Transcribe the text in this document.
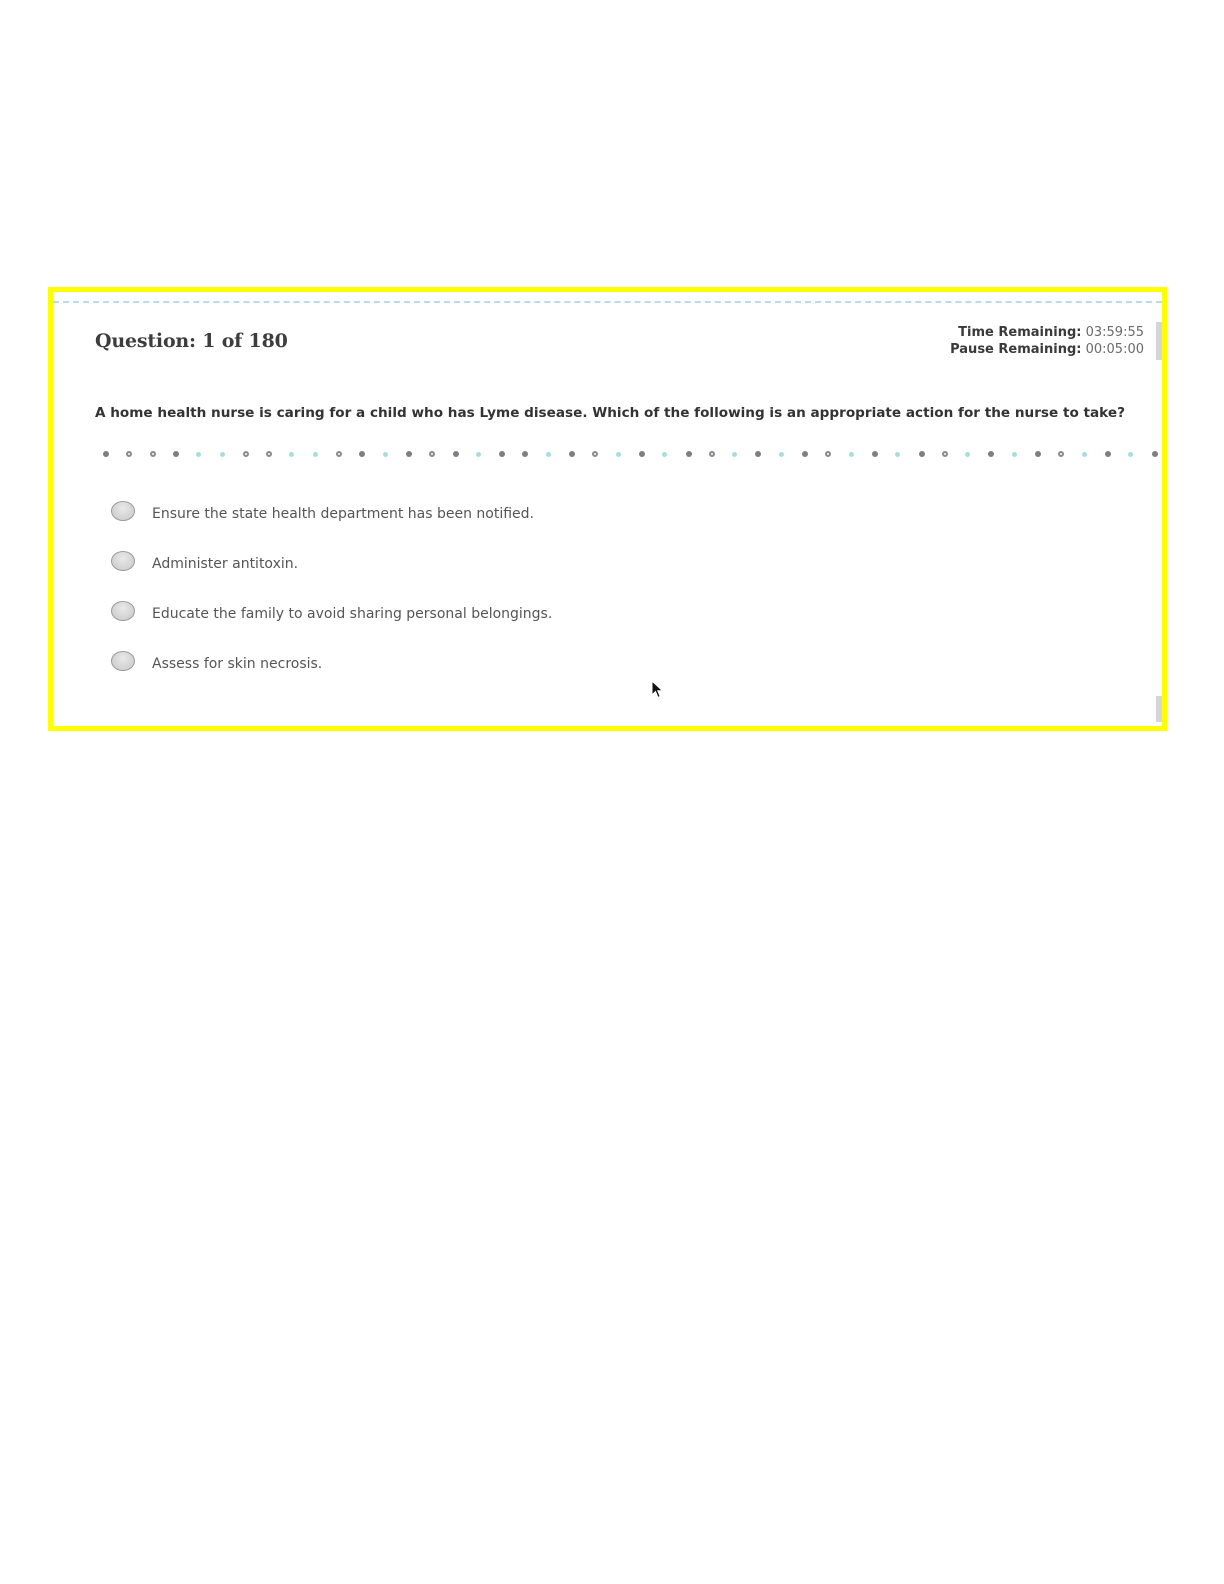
Question: 1 of 180	Time Remaining: 03:59:55
Pause Remaining: 00:05:00
A home health nurse is caring for a child who has Lyme disease. Which of the following is an appropriate action for the nurse to take?
Ensure the state health department has been notified.
Administer antitoxin.
Educate the family to avoid sharing personal belongings.
Assess for skin necrosis.
